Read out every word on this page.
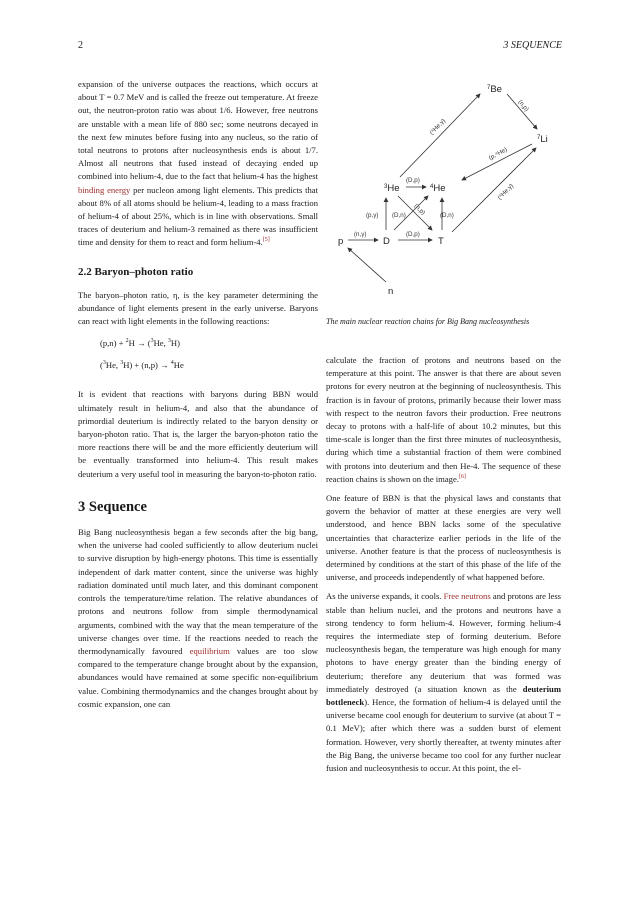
2	3 SEQUENCE

expansion of the universe outpaces the reactions, which occurs at about T = 0.7 MeV and is called the freeze out temperature. At freeze out, the neutron-proton ratio was about 1/6. However, free neutrons are unstable with a mean life of 880 sec; some neutrons decayed in the next few minutes before fusing into any nucleus, so the ratio of total neutrons to protons after nucleosynthesis ends is about 1/7. Almost all neutrons that fused instead of decaying ended up combined into helium-4, due to the fact that helium-4 has the highest binding energy per nucleon among light elements. This predicts that about 8% of all atoms should be helium-4, leading to a mass fraction of helium-4 of about 25%, which is in line with observations. Small traces of deuterium and helium-3 remained as there was insufficient time and density for them to react and form helium-4.[5]

2.2 Baryon–photon ratio

The baryon–photon ratio, η, is the key parameter determining the abundance of light elements present in the early universe. Baryons can react with light elements in the following reactions:

(p,n) + $^2$H → ($^3$He, $^3$H)
($^3$He, $^3$H) + (n,p) → $^4$He

It is evident that reactions with baryons during BBN would ultimately result in helium-4, and also that the abundance of primordial deuterium is indirectly related to the baryon density or baryon-photon ratio. That is, the larger the baryon-photon ratio the more reactions there will be and the more efficiently deuterium will be eventually transformed into helium-4. This result makes deuterium a very useful tool in measuring the baryon-to-photon ratio.

3 Sequence

Big Bang nucleosynthesis began a few seconds after the big bang, when the universe had cooled sufficiently to allow deuterium nuclei to survive disruption by high-energy photons. This time is essentially independent of dark matter content, since the universe was highly radiation dominated until much later, and this dominant component controls the temperature/time relation. The relative abundances of protons and neutrons follow from simple thermodynamical arguments, combined with the way that the mean temperature of the universe changes over time. If the reactions needed to reach the thermodynamically favoured equilibrium values are too slow compared to the temperature change brought about by the expansion, abundances would have remained at some specific non-equilibrium value. Combining thermodynamics and the changes brought about by cosmic expansion, one can

$^7$Be
$^7$Li
$^3$He	$^4$He
p	D	T
n
(⁴He,γ)
(n,p)
(p,⁴He)
(⁴He,γ)
(D,p)
(p,γ) (D,n) (n,p) (D,n)
(n,γ)	(D,p)
The main nuclear reaction chains for Big Bang nucleosynthesis

calculate the fraction of protons and neutrons based on the temperature at this point. The answer is that there are about seven protons for every neutron at the beginning of nucleosynthesis. This fraction is in favour of protons, primarily because their lower mass with respect to the neutron favors their production. Free neutrons decay to protons with a half-life of about 10.2 minutes, but this time-scale is longer than the first three minutes of nucleosynthesis, during which time a substantial fraction of them were combined with protons into deuterium and then He-4. The sequence of these reaction chains is shown on the image.[6]

One feature of BBN is that the physical laws and constants that govern the behavior of matter at these energies are very well understood, and hence BBN lacks some of the speculative uncertainties that characterize earlier periods in the life of the universe. Another feature is that the process of nucleosynthesis is determined by conditions at the start of this phase of the life of the universe, and proceeds independently of what happened before.

As the universe expands, it cools. Free neutrons and protons are less stable than helium nuclei, and the protons and neutrons have a strong tendency to form helium-4. However, forming helium-4 requires the intermediate step of forming deuterium. Before nucleosynthesis began, the temperature was high enough for many photons to have energy greater than the binding energy of deuterium; therefore any deuterium that was formed was immediately destroyed (a situation known as the deuterium bottleneck). Hence, the formation of helium-4 is delayed until the universe became cool enough for deuterium to survive (at about T = 0.1 MeV); after which there was a sudden burst of element formation. However, very shortly thereafter, at twenty minutes after the Big Bang, the universe became too cool for any further nuclear fusion and nucleosynthesis to occur. At this point, the el-
